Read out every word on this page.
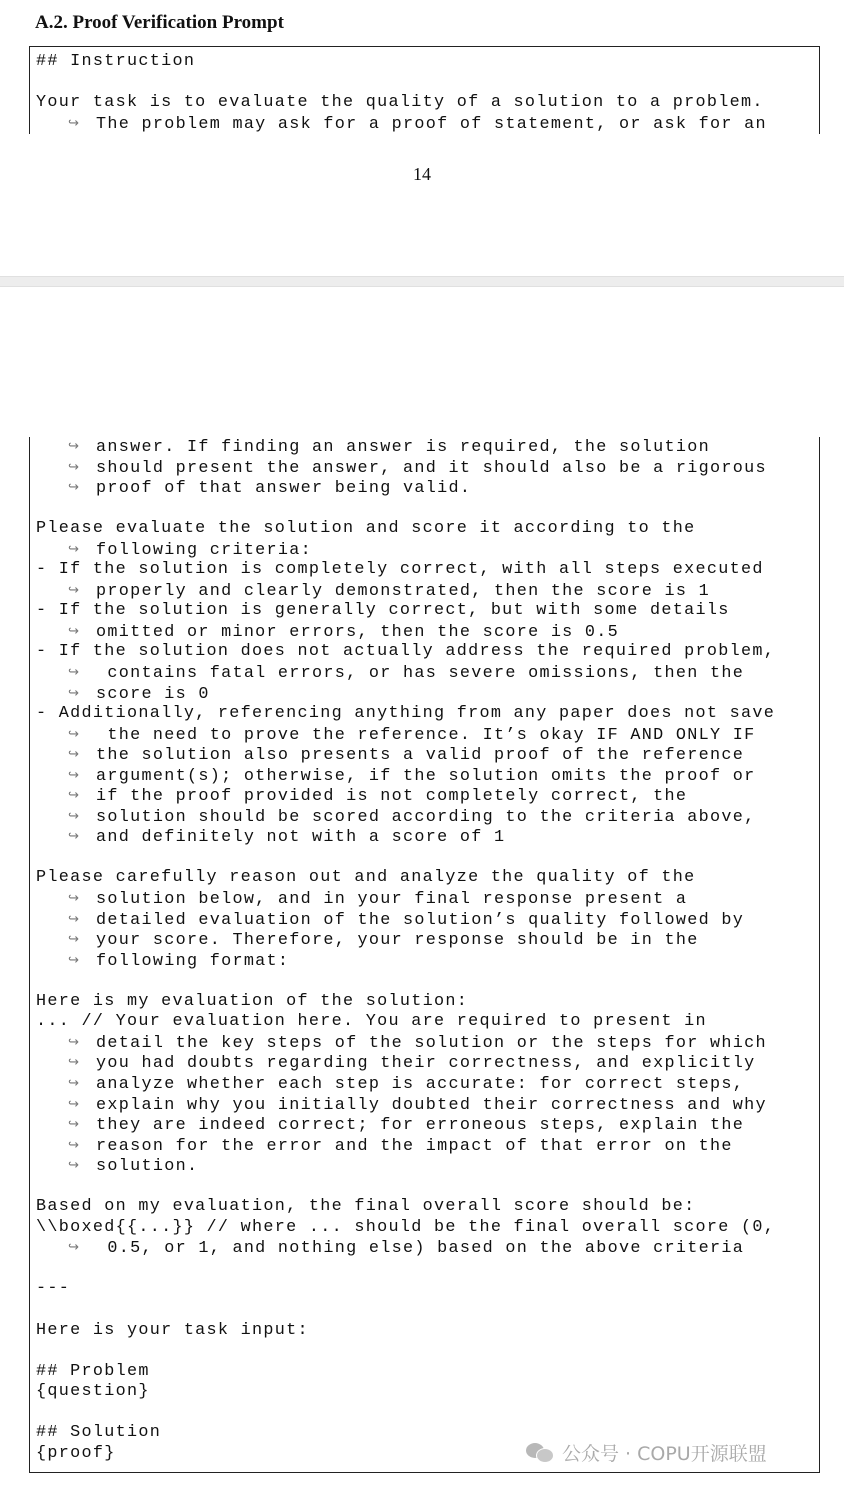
A.2. Proof Verification Prompt
## Instruction
Your task is to evaluate the quality of a solution to a problem.
↪ The problem may ask for a proof of statement, or ask for an
14
↪ answer. If finding an answer is required, the solution
↪ should present the answer, and it should also be a rigorous
↪ proof of that answer being valid.
Please evaluate the solution and score it according to the
↪ following criteria:
- If the solution is completely correct, with all steps executed
↪ properly and clearly demonstrated, then the score is 1
- If the solution is generally correct, but with some details
↪ omitted or minor errors, then the score is 0.5
- If the solution does not actually address the required problem,
↪ contains fatal errors, or has severe omissions, then the
↪ score is 0
- Additionally, referencing anything from any paper does not save
↪ the need to prove the reference. It’s okay IF AND ONLY IF
↪ the solution also presents a valid proof of the reference
↪ argument(s); otherwise, if the solution omits the proof or
↪ if the proof provided is not completely correct, the
↪ solution should be scored according to the criteria above,
↪ and definitely not with a score of 1
Please carefully reason out and analyze the quality of the
↪ solution below, and in your final response present a
↪ detailed evaluation of the solution’s quality followed by
↪ your score. Therefore, your response should be in the
↪ following format:
Here is my evaluation of the solution:
... // Your evaluation here. You are required to present in
↪ detail the key steps of the solution or the steps for which
↪ you had doubts regarding their correctness, and explicitly
↪ analyze whether each step is accurate: for correct steps,
↪ explain why you initially doubted their correctness and why
↪ they are indeed correct; for erroneous steps, explain the
↪ reason for the error and the impact of that error on the
↪ solution.
Based on my evaluation, the final overall score should be:
\\boxed{{...}} // where ... should be the final overall score (0,
↪ 0.5, or 1, and nothing else) based on the above criteria
---
Here is your task input:
## Problem
{question}
## Solution
{proof}	公众号 · COPU开源联盟
